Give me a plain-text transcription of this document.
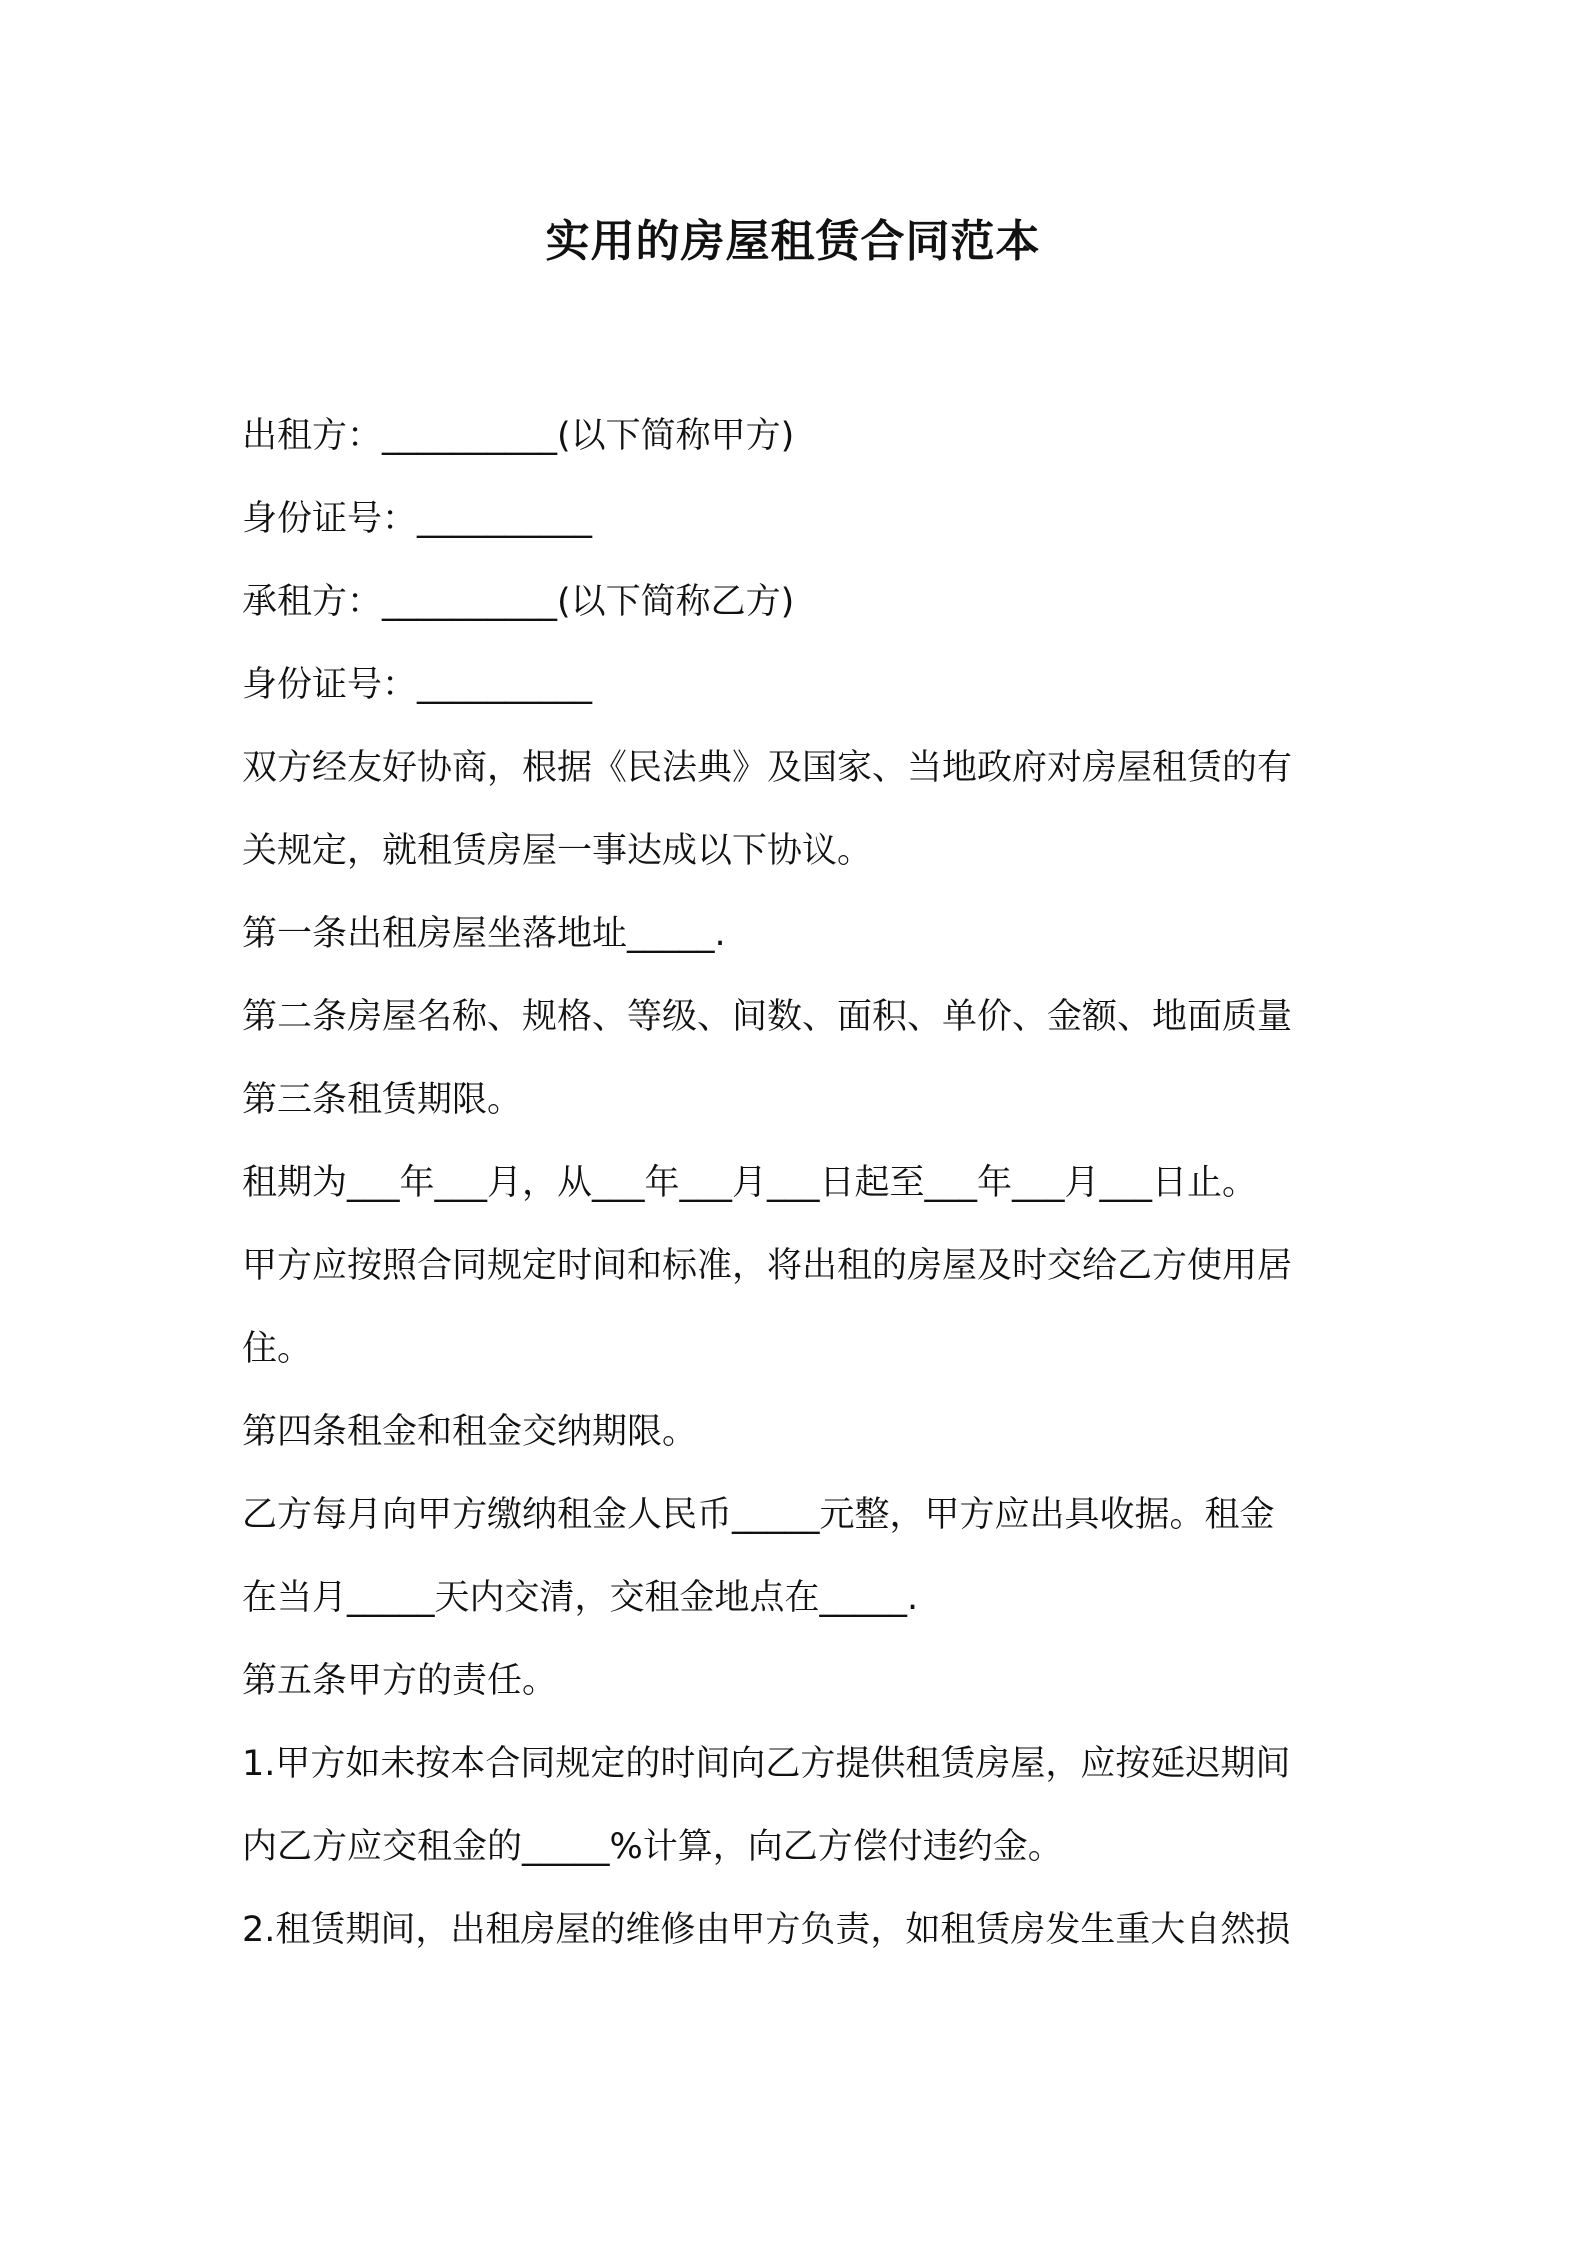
实用的房屋租赁合同范本

出租方：__________(以下简称甲方)

身份证号：__________

承租方：__________(以下简称乙方)

身份证号：__________

双方经友好协商，根据《民法典》及国家、当地政府对房屋租赁的有

关规定，就租赁房屋一事达成以下协议。

第一条出租房屋坐落地址_____.

第二条房屋名称、规格、等级、间数、面积、单价、金额、地面质量

第三条租赁期限。

租期为___年___月，从___年___月___日起至___年___月___日止。

甲方应按照合同规定时间和标准，将出租的房屋及时交给乙方使用居

住。

第四条租金和租金交纳期限。

乙方每月向甲方缴纳租金人民币_____元整，甲方应出具收据。租金

在当月_____天内交清，交租金地点在_____.

第五条甲方的责任。

1.甲方如未按本合同规定的时间向乙方提供租赁房屋，应按延迟期间

内乙方应交租金的_____%计算，向乙方偿付违约金。

2.租赁期间，出租房屋的维修由甲方负责，如租赁房发生重大自然损
